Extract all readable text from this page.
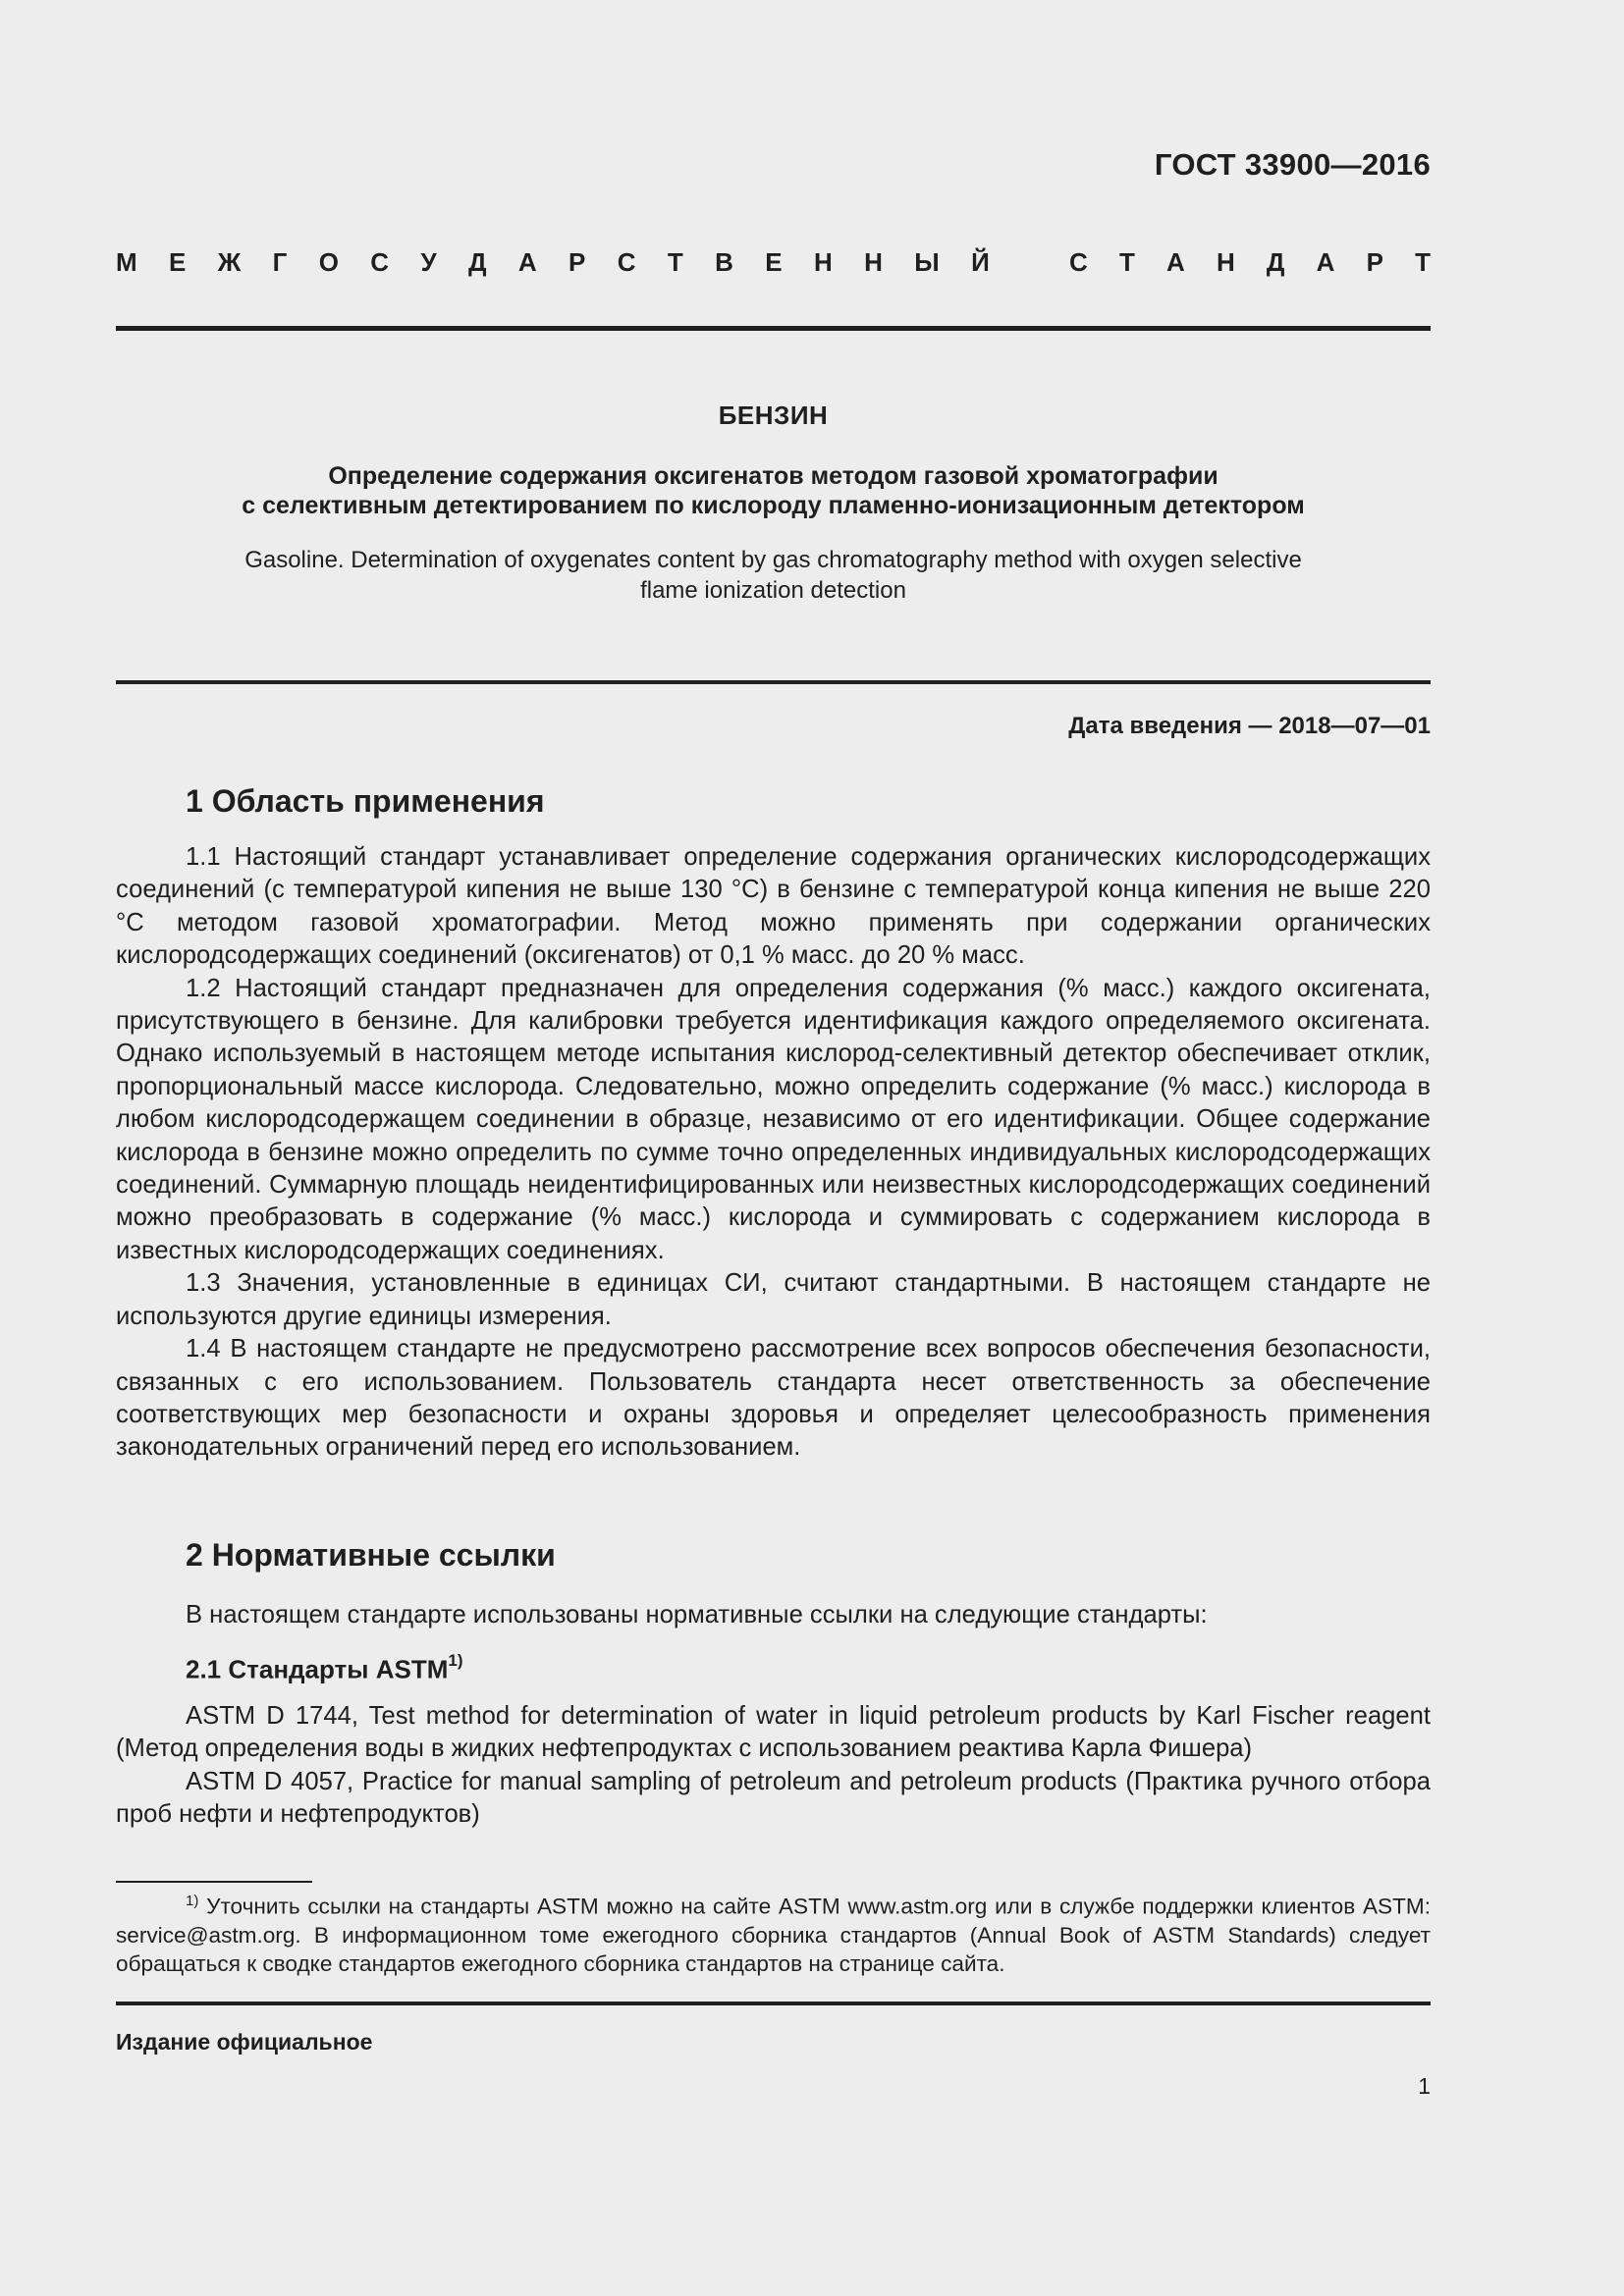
ГОСТ 33900—2016
М Е Ж Г О С У Д А Р С Т В Е Н Н Ы Й	С Т А Н Д А Р Т
БЕНЗИН
Определение содержания оксигенатов методом газовой хроматографии
с селективным детектированием по кислороду пламенно-ионизационным детектором
Gasoline. Determination of oxygenates content by gas chromatography method with oxygen selective
flame ionization detection
Дата введения — 2018—07—01
1 Область применения

1.1 Настоящий стандарт устанавливает определение содержания органических кислородсодержащих соединений (с температурой кипения не выше 130 °С) в бензине с температурой конца кипения не выше 220 °С методом газовой хроматографии. Метод можно применять при содержании органических кислородсодержащих соединений (оксигенатов) от 0,1 % масс. до 20 % масс.

1.2 Настоящий стандарт предназначен для определения содержания (% масс.) каждого оксигената, присутствующего в бензине. Для калибровки требуется идентификация каждого определяемого оксигената. Однако используемый в настоящем методе испытания кислород-селективный детектор обеспечивает отклик, пропорциональный массе кислорода. Следовательно, можно определить содержание (% масс.) кислорода в любом кислородсодержащем соединении в образце, независимо от его идентификации. Общее содержание кислорода в бензине можно определить по сумме точно определенных индивидуальных кислородсодержащих соединений. Суммарную площадь неидентифицированных или неизвестных кислородсодержащих соединений можно преобразовать в содержание (% масс.) кислорода и суммировать с содержанием кислорода в известных кислородсодержащих соединениях.

1.3 Значения, установленные в единицах СИ, считают стандартными. В настоящем стандарте не используются другие единицы измерения.

1.4 В настоящем стандарте не предусмотрено рассмотрение всех вопросов обеспечения безопасности, связанных с его использованием. Пользователь стандарта несет ответственность за обеспечение соответствующих мер безопасности и охраны здоровья и определяет целесообразность применения законодательных ограничений перед его использованием.

2 Нормативные ссылки

В настоящем стандарте использованы нормативные ссылки на следующие стандарты:

2.1 Стандарты ASTM$^{1)}$

ASTM D 1744, Test method for determination of water in liquid petroleum products by Karl Fischer reagent (Метод определения воды в жидких нефтепродуктах с использованием реактива Карла Фишера)

ASTM D 4057, Practice for manual sampling of petroleum and petroleum products (Практика ручного отбора проб нефти и нефтепродуктов)

$^{1)}$ Уточнить ссылки на стандарты ASTM можно на сайте ASTM www.astm.org или в службе поддержки клиентов ASTM: service@astm.org. В информационном томе ежегодного сборника стандартов (Annual Book of ASTM Standards) следует обращаться к сводке стандартов ежегодного сборника стандартов на странице сайта.

Издание официальное
1
